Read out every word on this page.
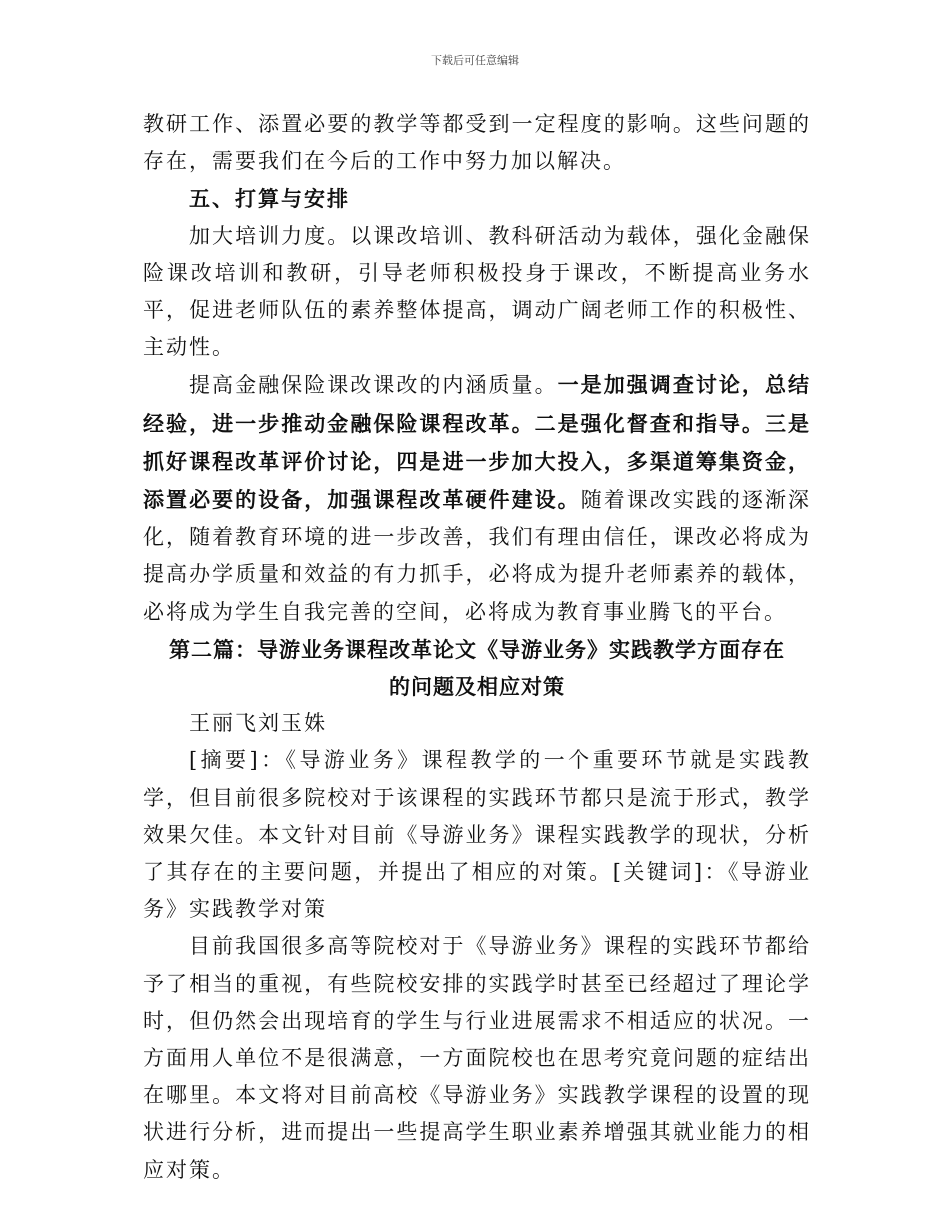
下载后可任意编辑

教研工作、添置必要的教学等都受到一定程度的影响。这些问题的存在，需要我们在今后的工作中努力加以解决。

五、打算与安排

加大培训力度。以课改培训、教科研活动为载体，强化金融保险课改培训和教研，引导老师积极投身于课改，不断提高业务水平，促进老师队伍的素养整体提高，调动广阔老师工作的积极性、主动性。

提高金融保险课改课改的内涵质量。一是加强调查讨论，总结经验，进一步推动金融保险课程改革。二是强化督查和指导。三是抓好课程改革评价讨论，四是进一步加大投入，多渠道筹集资金，添置必要的设备，加强课程改革硬件建设。随着课改实践的逐渐深化，随着教育环境的进一步改善，我们有理由信任，课改必将成为提高办学质量和效益的有力抓手，必将成为提升老师素养的载体，必将成为学生自我完善的空间，必将成为教育事业腾飞的平台。

第二篇：导游业务课程改革论文《导游业务》实践教学方面存在

的问题及相应对策

王丽飞刘玉姝

[摘要]：《导游业务》课程教学的一个重要环节就是实践教学，但目前很多院校对于该课程的实践环节都只是流于形式，教学效果欠佳。本文针对目前《导游业务》课程实践教学的现状，分析了其存在的主要问题，并提出了相应的对策。[关键词]：《导游业务》实践教学对策

目前我国很多高等院校对于《导游业务》课程的实践环节都给予了相当的重视，有些院校安排的实践学时甚至已经超过了理论学时，但仍然会出现培育的学生与行业进展需求不相适应的状况。一方面用人单位不是很满意，一方面院校也在思考究竟问题的症结出在哪里。本文将对目前高校《导游业务》实践教学课程的设置的现状进行分析，进而提出一些提高学生职业素养增强其就业能力的相应对策。
